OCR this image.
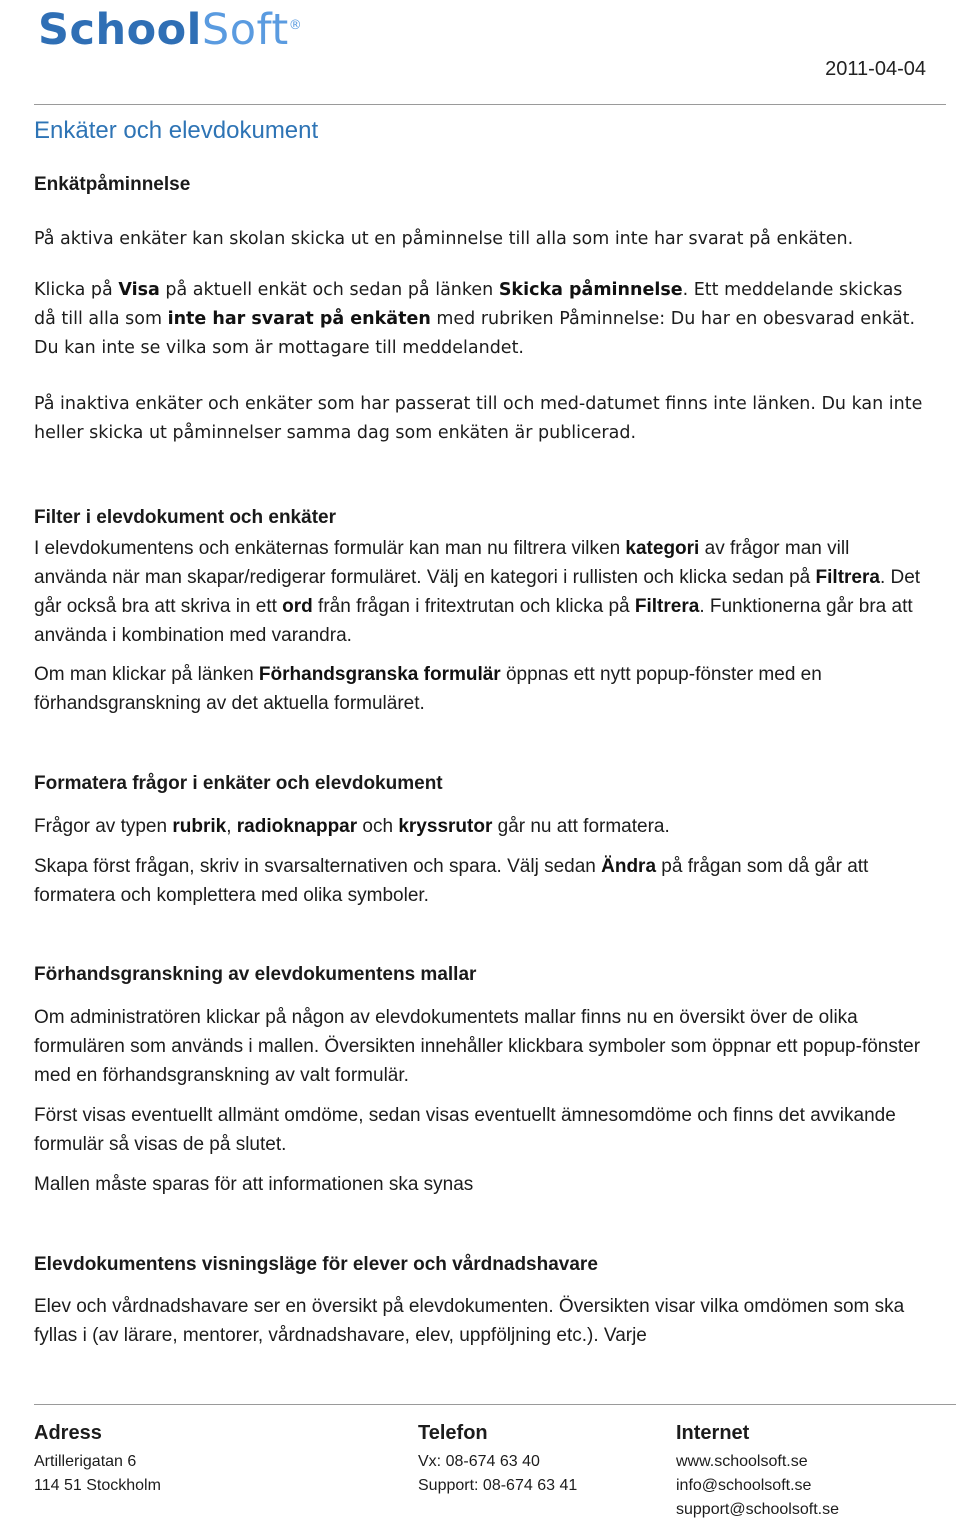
SchoolSoft®
2011-04-04
Enkäter och elevdokument
Enkätpåminnelse

På aktiva enkäter kan skolan skicka ut en påminnelse till alla som inte har svarat på enkäten.

Klicka på Visa på aktuell enkät och sedan på länken Skicka påminnelse. Ett meddelande skickas då till alla som inte har svarat på enkäten med rubriken Påminnelse: Du har en obesvarad enkät. Du kan inte se vilka som är mottagare till meddelandet.

På inaktiva enkäter och enkäter som har passerat till och med-datumet finns inte länken. Du kan inte heller skicka ut påminnelser samma dag som enkäten är publicerad.

Filter i elevdokument och enkäter

I elevdokumentens och enkäternas formulär kan man nu filtrera vilken kategori av frågor man vill använda när man skapar/redigerar formuläret. Välj en kategori i rullisten och klicka sedan på Filtrera. Det går också bra att skriva in ett ord från frågan i fritextrutan och klicka på Filtrera. Funktionerna går bra att använda i kombination med varandra.

Om man klickar på länken Förhandsgranska formulär öppnas ett nytt popup-fönster med en förhandsgranskning av det aktuella formuläret.

Formatera frågor i enkäter och elevdokument

Frågor av typen rubrik, radioknappar och kryssrutor går nu att formatera.

Skapa först frågan, skriv in svarsalternativen och spara. Välj sedan Ändra på frågan som då går att formatera och komplettera med olika symboler.

Förhandsgranskning av elevdokumentens mallar

Om administratören klickar på någon av elevdokumentets mallar finns nu en översikt över de olika formulären som används i mallen. Översikten innehåller klickbara symboler som öppnar ett popup-fönster med en förhandsgranskning av valt formulär.

Först visas eventuellt allmänt omdöme, sedan visas eventuellt ämnesomdöme och finns det avvikande formulär så visas de på slutet.

Mallen måste sparas för att informationen ska synas

Elevdokumentens visningsläge för elever och vårdnadshavare

Elev och vårdnadshavare ser en översikt på elevdokumenten. Översikten visar vilka omdömen som ska fyllas i (av lärare, mentorer, vårdnadshavare, elev, uppföljning etc.). Varje

Adress
Artillerigatan 6
114 51 Stockholm
Telefon
Vx: 08-674 63 40
Support: 08-674 63 41
Internet
www.schoolsoft.se
info@schoolsoft.se
support@schoolsoft.se
